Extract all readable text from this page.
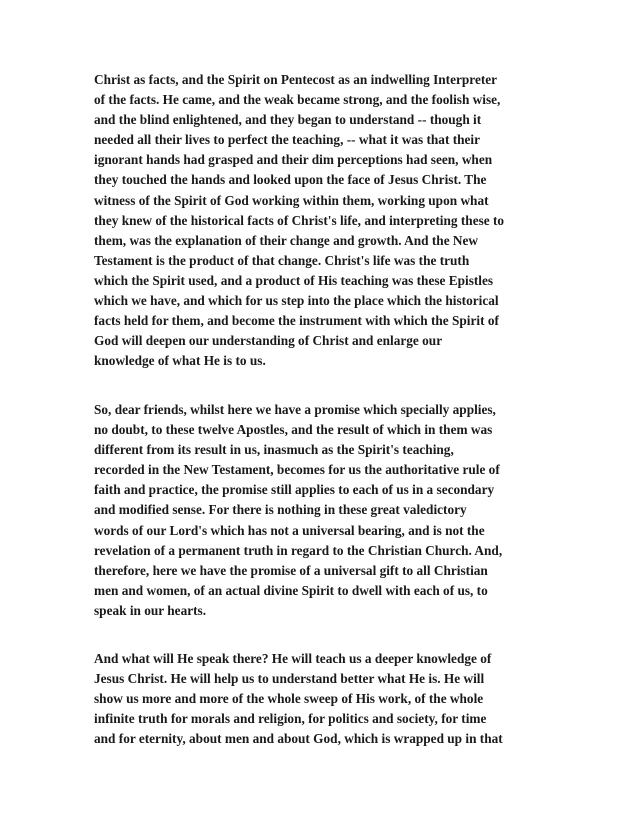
Christ as facts, and the Spirit on Pentecost as an indwelling Interpreter
of the facts. He came, and the weak became strong, and the foolish wise,
and the blind enlightened, and they began to understand -- though it
needed all their lives to perfect the teaching, -- what it was that their
ignorant hands had grasped and their dim perceptions had seen, when
they touched the hands and looked upon the face of Jesus Christ. The
witness of the Spirit of God working within them, working upon what
they knew of the historical facts of Christ's life, and interpreting these to
them, was the explanation of their change and growth. And the New
Testament is the product of that change. Christ's life was the truth
which the Spirit used, and a product of His teaching was these Epistles
which we have, and which for us step into the place which the historical
facts held for them, and become the instrument with which the Spirit of
God will deepen our understanding of Christ and enlarge our
knowledge of what He is to us.

So, dear friends, whilst here we have a promise which specially applies,
no doubt, to these twelve Apostles, and the result of which in them was
different from its result in us, inasmuch as the Spirit's teaching,
recorded in the New Testament, becomes for us the authoritative rule of
faith and practice, the promise still applies to each of us in a secondary
and modified sense. For there is nothing in these great valedictory
words of our Lord's which has not a universal bearing, and is not the
revelation of a permanent truth in regard to the Christian Church. And,
therefore, here we have the promise of a universal gift to all Christian
men and women, of an actual divine Spirit to dwell with each of us, to
speak in our hearts.

And what will He speak there? He will teach us a deeper knowledge of
Jesus Christ. He will help us to understand better what He is. He will
show us more and more of the whole sweep of His work, of the whole
infinite truth for morals and religion, for politics and society, for time
and for eternity, about men and about God, which is wrapped up in that
